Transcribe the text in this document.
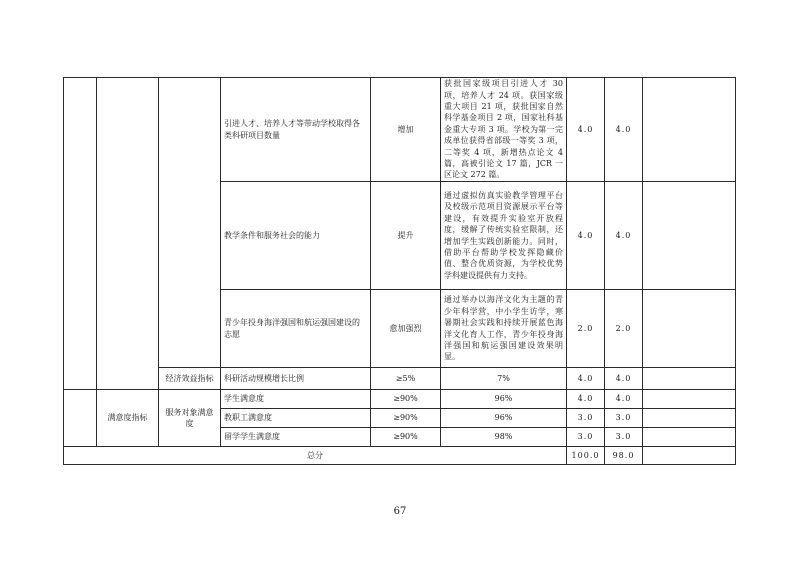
			引进人才、培养人才等带动学校取得各类科研项目数量	增加	获批国家级项目引进人才 30 项，培养人才 24 项。获国家级重大项目 21 项，获批国家自然科学基金项目 2 项，国家社科基金重大专项 3 项。学校为第一完成单位获得省部级一等奖 3 项，二等奖 4 项，新增热点论文 4 篇，高被引论文 17 篇，JCR 一区论文 272 篇。	4.0	4.0	
			教学条件和服务社会的能力	提升	通过虚拟仿真实验教学管理平台及校级示范项目资源展示平台等建设，有效提升实验室开放程度，缓解了传统实验室限制，还增加学生实践创新能力。同时，借助平台帮助学校发挥隐藏价值、整合优质资源，为学校优势学科建设提供有力支持。	4.0	4.0	
			青少年投身海洋强国和航运强国建设的志愿	愈加强烈	通过举办以海洋文化为主题的青少年科学营，中小学生访学，寒暑期社会实践和持续开展蓝色海洋文化育人工作，青少年投身海洋强国和航运强国建设效果明显。	2.0	2.0	
		经济效益指标	科研活动规模增长比例	≥5%	7%	4.0	4.0	
	满意度指标	服务对象满意度	学生满意度	≥90%	96%	4.0	4.0	
			教职工满意度	≥90%	96%	3.0	3.0	
			留学学生满意度	≥90%	98%	3.0	3.0	
总分						100.0	98.0	
67
